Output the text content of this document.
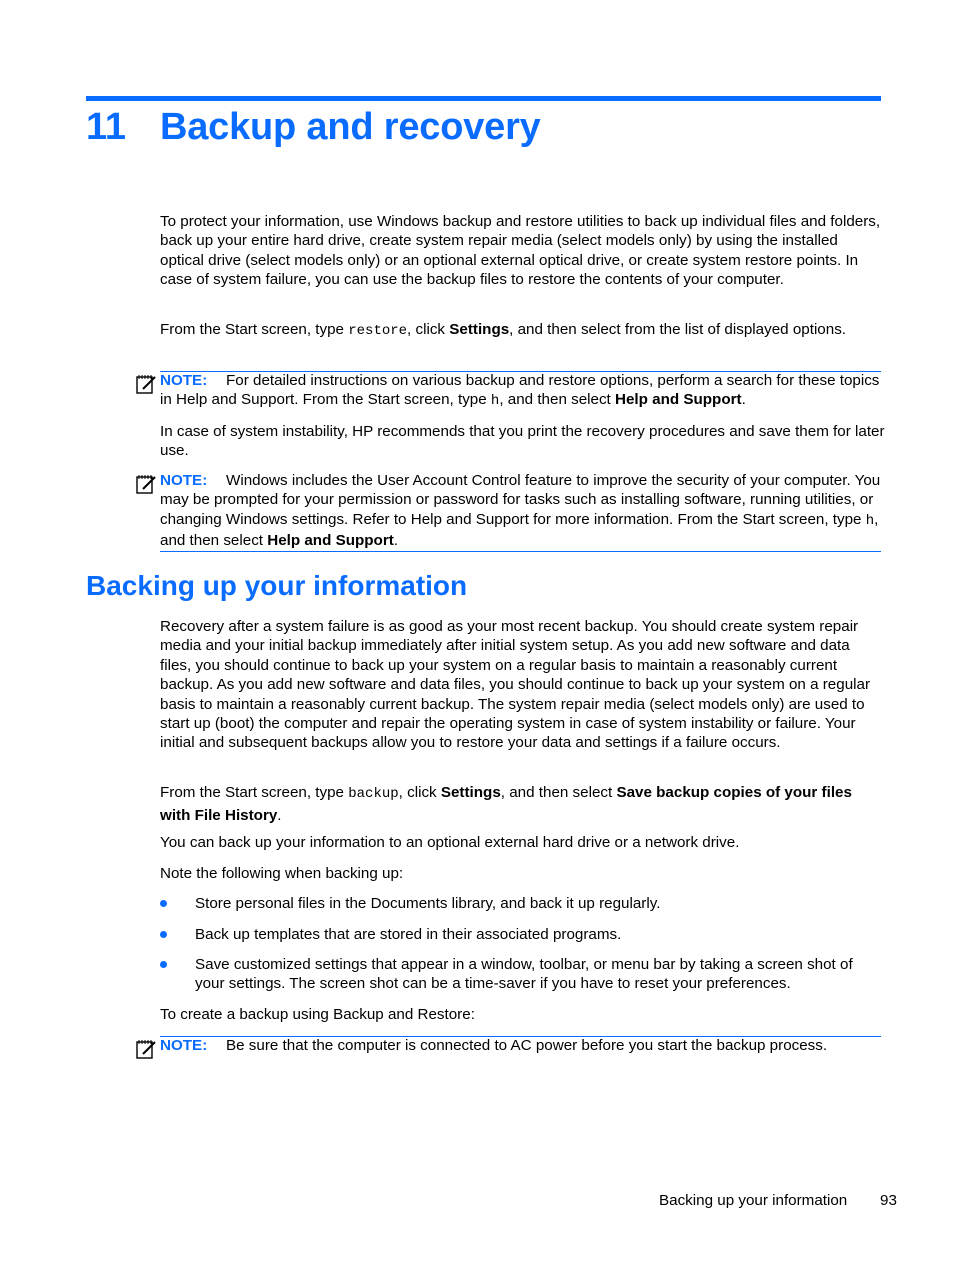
11 Backup and recovery

To protect your information, use Windows backup and restore utilities to back up individual files and folders, back up your entire hard drive, create system repair media (select models only) by using the installed optical drive (select models only) or an optional external optical drive, or create system restore points. In case of system failure, you can use the backup files to restore the contents of your computer.

From the Start screen, type restore, click Settings, and then select from the list of displayed options.

NOTE: For detailed instructions on various backup and restore options, perform a search for these topics in Help and Support. From the Start screen, type h, and then select Help and Support.

In case of system instability, HP recommends that you print the recovery procedures and save them for later use.

NOTE: Windows includes the User Account Control feature to improve the security of your computer. You may be prompted for your permission or password for tasks such as installing software, running utilities, or changing Windows settings. Refer to Help and Support for more information. From the Start screen, type h, and then select Help and Support.

Backing up your information

Recovery after a system failure is as good as your most recent backup. You should create system repair media and your initial backup immediately after initial system setup. As you add new software and data files, you should continue to back up your system on a regular basis to maintain a reasonably current backup. As you add new software and data files, you should continue to back up your system on a regular basis to maintain a reasonably current backup. The system repair media (select models only) are used to start up (boot) the computer and repair the operating system in case of system instability or failure. Your initial and subsequent backups allow you to restore your data and settings if a failure occurs.

From the Start screen, type backup, click Settings, and then select Save backup copies of your files with File History.

You can back up your information to an optional external hard drive or a network drive.

Note the following when backing up:

Store personal files in the Documents library, and back it up regularly.
Back up templates that are stored in their associated programs.
Save customized settings that appear in a window, toolbar, or menu bar by taking a screen shot of your settings. The screen shot can be a time-saver if you have to reset your preferences.

To create a backup using Backup and Restore:

NOTE: Be sure that the computer is connected to AC power before you start the backup process.

Backing up your information 93
